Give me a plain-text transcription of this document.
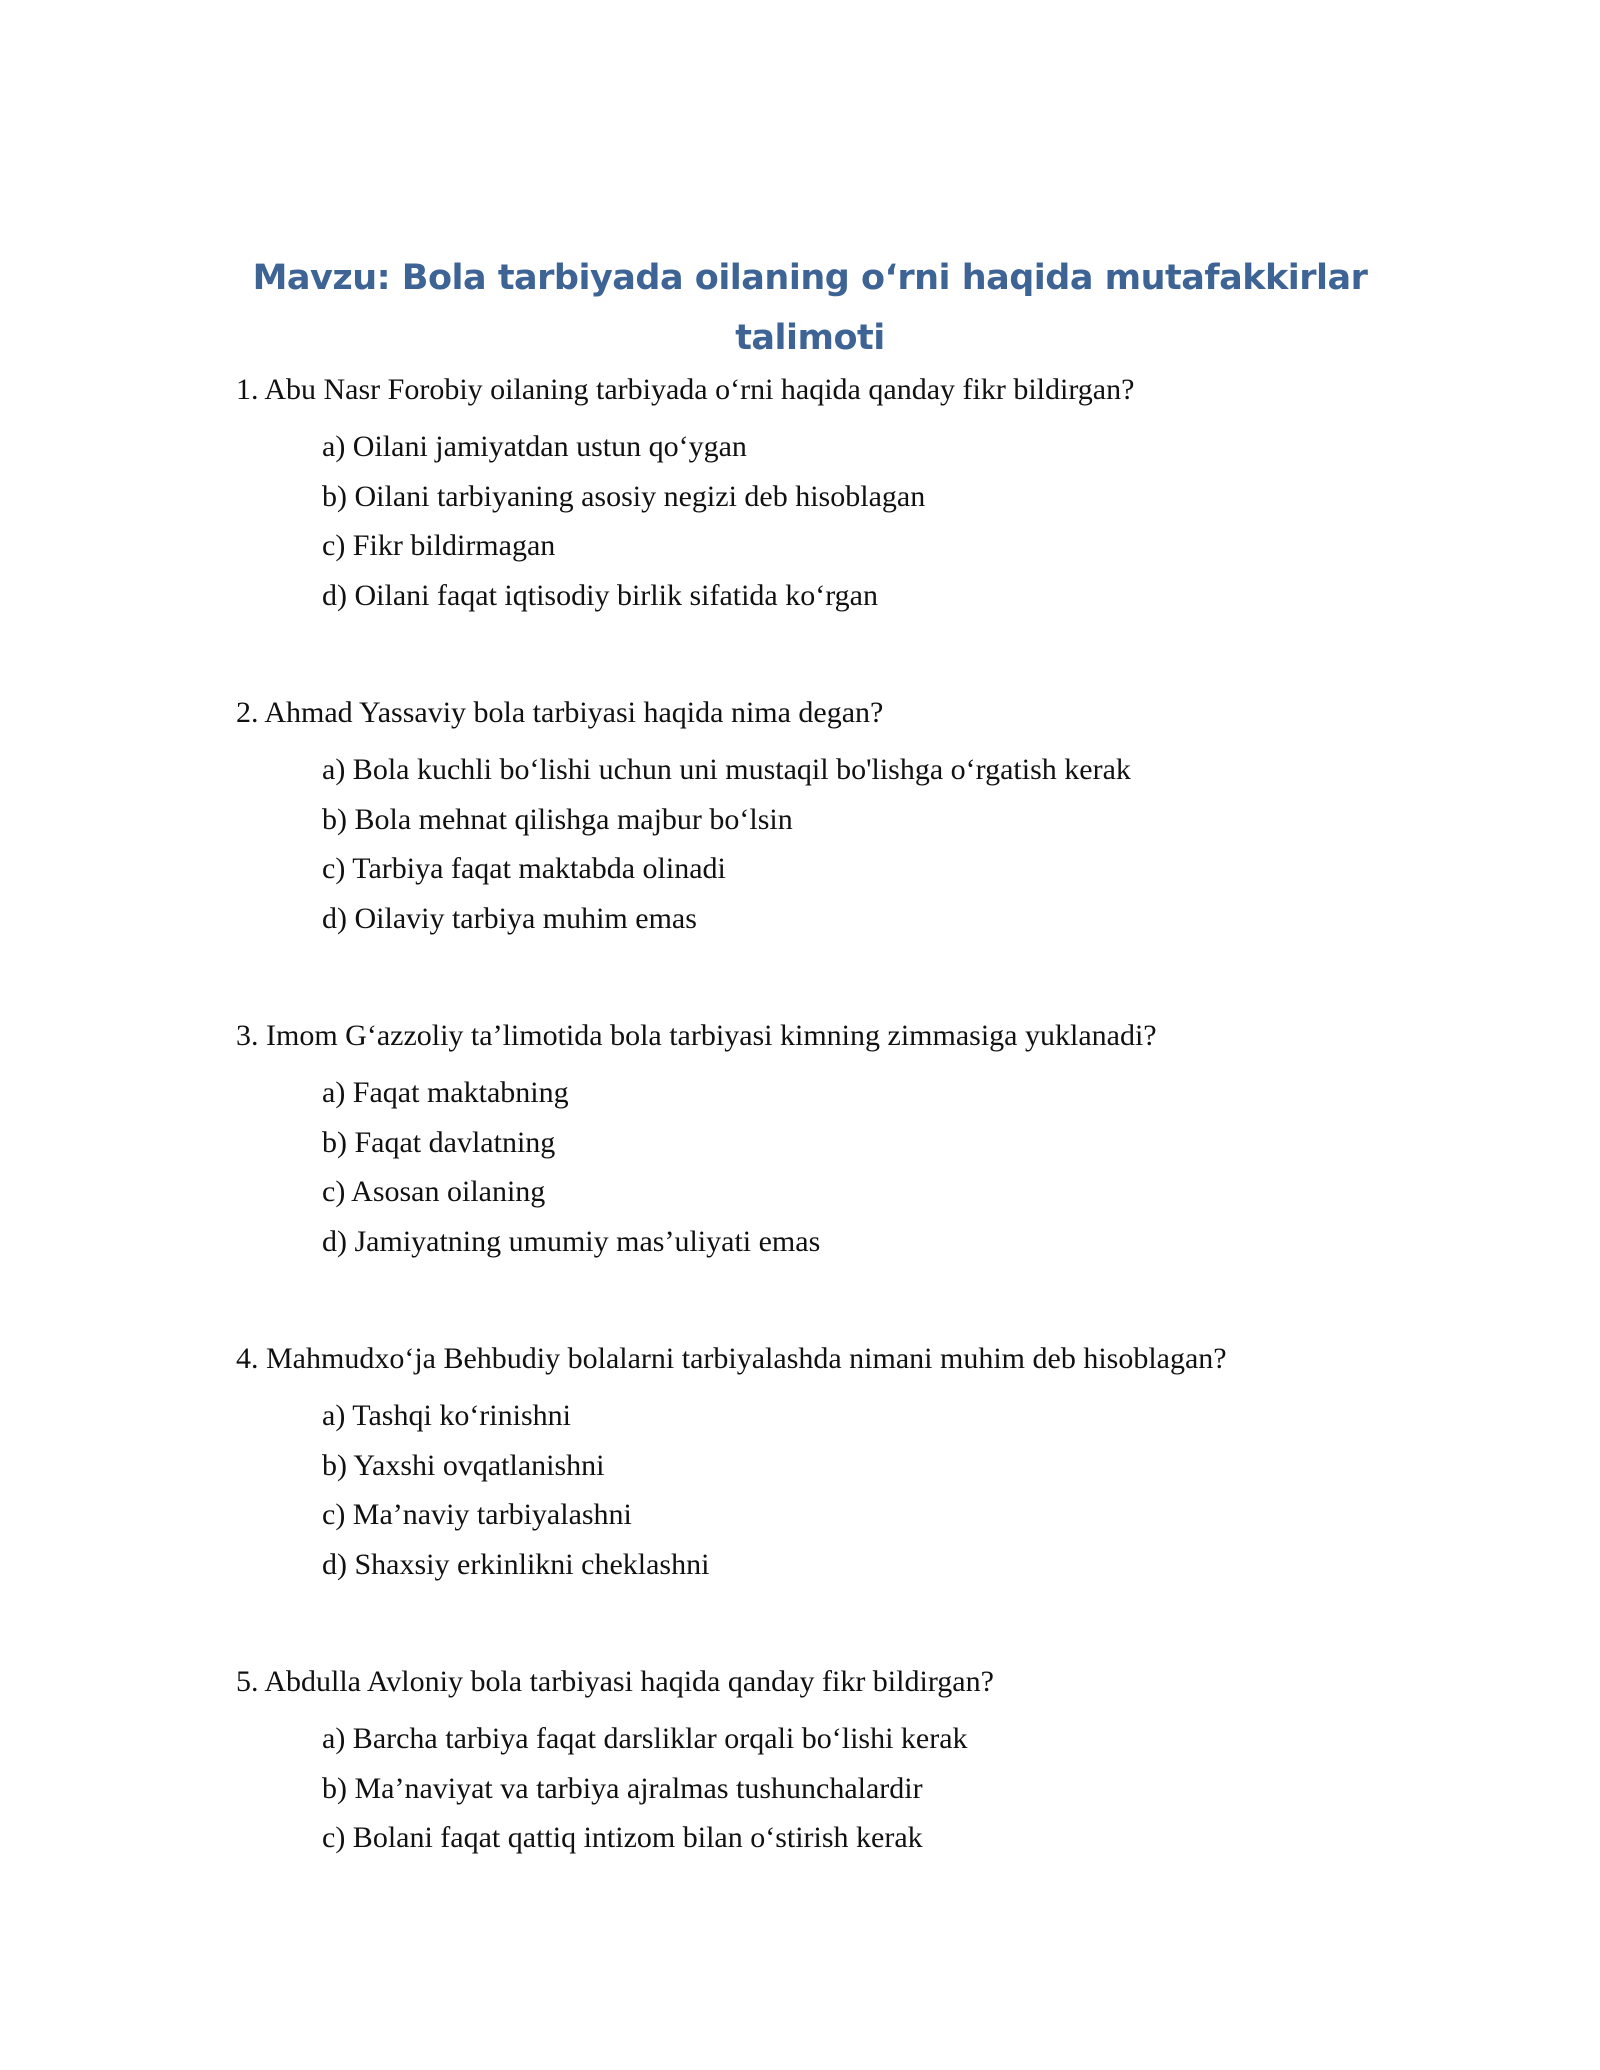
Mavzu: Bola tarbiyada oilaning o‘rni haqida mutafakkirlar
talimoti
1. Abu Nasr Forobiy oilaning tarbiyada o‘rni haqida qanday fikr bildirgan?
a) Oilani jamiyatdan ustun qo‘ygan
b) Oilani tarbiyaning asosiy negizi deb hisoblagan
c) Fikr bildirmagan
d) Oilani faqat iqtisodiy birlik sifatida ko‘rgan
2. Ahmad Yassaviy bola tarbiyasi haqida nima degan?
a) Bola kuchli bo‘lishi uchun uni mustaqil bo'lishga o‘rgatish kerak
b) Bola mehnat qilishga majbur bo‘lsin
c) Tarbiya faqat maktabda olinadi
d) Oilaviy tarbiya muhim emas
3. Imom G‘azzoliy ta’limotida bola tarbiyasi kimning zimmasiga yuklanadi?
a) Faqat maktabning
b) Faqat davlatning
c) Asosan oilaning
d) Jamiyatning umumiy mas’uliyati emas
4. Mahmudxo‘ja Behbudiy bolalarni tarbiyalashda nimani muhim deb hisoblagan?
a) Tashqi ko‘rinishni
b) Yaxshi ovqatlanishni
c) Ma’naviy tarbiyalashni
d) Shaxsiy erkinlikni cheklashni
5. Abdulla Avloniy bola tarbiyasi haqida qanday fikr bildirgan?
a) Barcha tarbiya faqat darsliklar orqali bo‘lishi kerak
b) Ma’naviyat va tarbiya ajralmas tushunchalardir
c) Bolani faqat qattiq intizom bilan o‘stirish kerak
